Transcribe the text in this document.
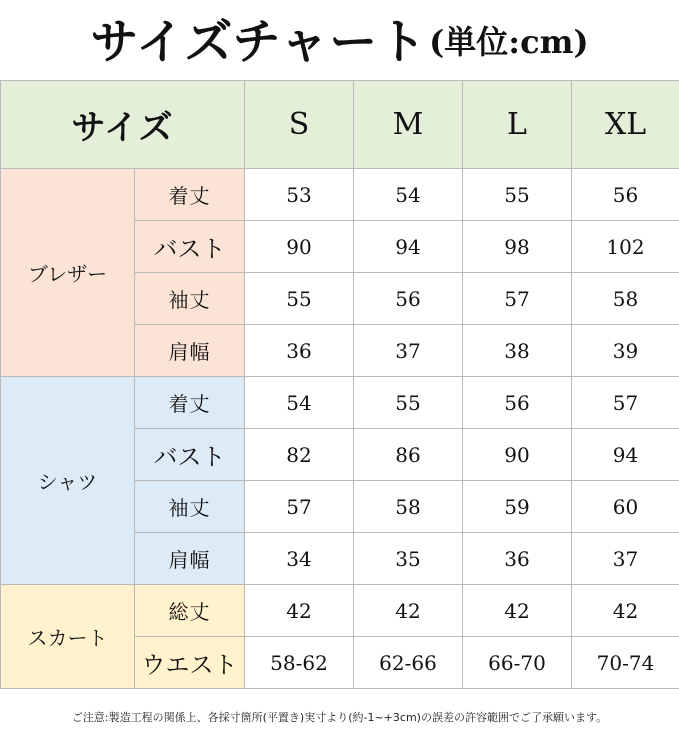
サイズチャート (単位:cm)
サイズ		S	M	L	XL
ブレザー	着丈	53	54	55	56
	バスト	90	94	98	102
	袖丈	55	56	57	58
	肩幅	36	37	38	39
シャツ	着丈	54	55	56	57
	バスト	82	86	90	94
	袖丈	57	58	59	60
	肩幅	34	35	36	37
スカート	総丈	42	42	42	42
	ウエスト	58-62	62-66	66-70	70-74
ご注意:製造工程の関係上、各採寸箇所(平置き)実寸より(約-1~+3cm)の誤差の許容範囲でご了承願います。
